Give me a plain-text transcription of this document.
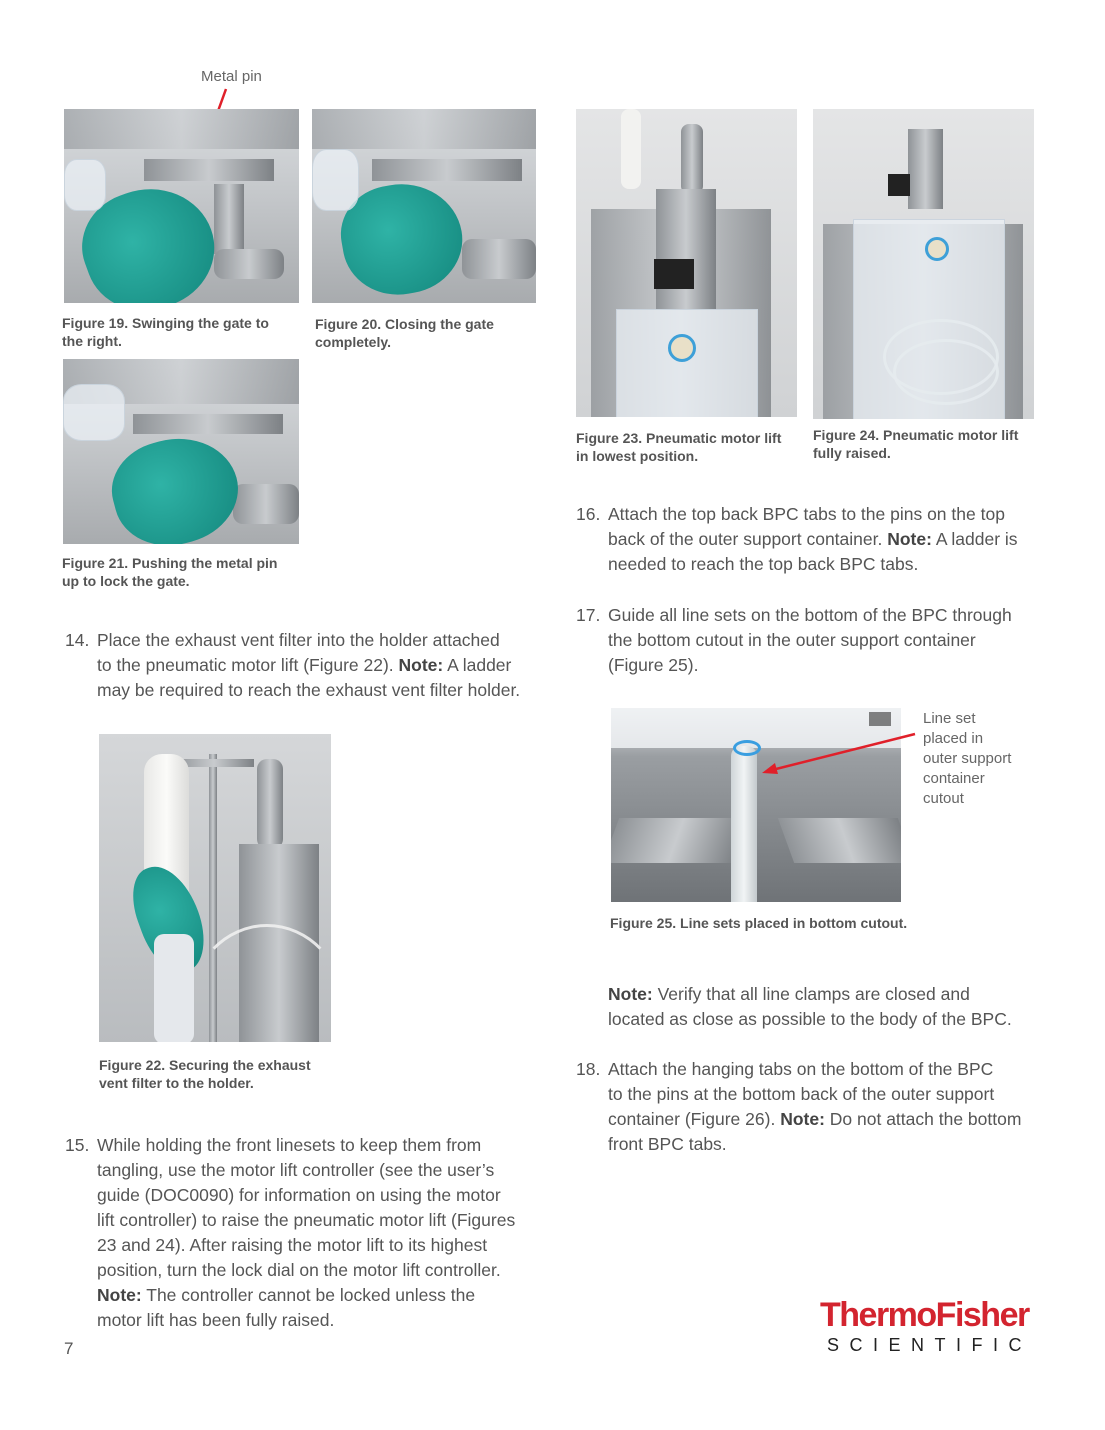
Metal pin
Figure 19. Swinging the gate to
the right.
Figure 20. Closing the gate
completely.
Figure 21. Pushing the metal pin
up to lock the gate.
14. Place the exhaust vent filter into the holder attached
to the pneumatic motor lift (Figure 22). Note: A ladder
may be required to reach the exhaust vent filter holder.
Figure 22. Securing the exhaust
vent filter to the holder.
15. While holding the front linesets to keep them from
tangling, use the motor lift controller (see the user’s
guide (DOC0090) for information on using the motor
lift controller) to raise the pneumatic motor lift (Figures
23 and 24). After raising the motor lift to its highest
position, turn the lock dial on the motor lift controller.
Note: The controller cannot be locked unless the
motor lift has been fully raised.
Figure 23. Pneumatic motor lift
in lowest position.
Figure 24. Pneumatic motor lift
fully raised.
16. Attach the top back BPC tabs to the pins on the top
back of the outer support container. Note: A ladder is
needed to reach the top back BPC tabs.
17. Guide all line sets on the bottom of the BPC through
the bottom cutout in the outer support container
(Figure 25).
Line set
placed in
outer support
container
cutout
Figure 25. Line sets placed in bottom cutout.
Note: Verify that all line clamps are closed and
located as close as possible to the body of the BPC.
18. Attach the hanging tabs on the bottom of the BPC
to the pins at the bottom back of the outer support
container (Figure 26). Note: Do not attach the bottom
front BPC tabs.
7
ThermoFisher
SCIENTIFIC
